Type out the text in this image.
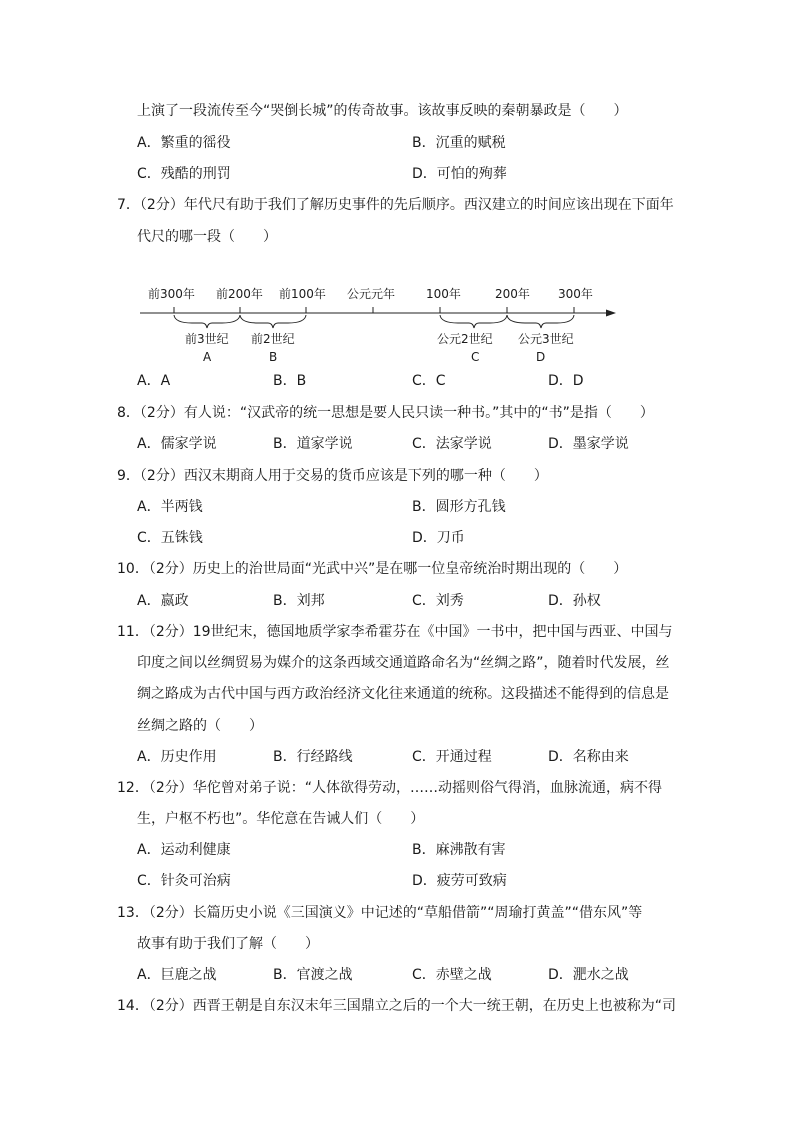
上演了一段流传至今“哭倒长城”的传奇故事。该故事反映的秦朝暴政是（　　）
A．繁重的徭役	B．沉重的赋税
C．残酷的刑罚	D．可怕的殉葬
7．（2分）年代尺有助于我们了解历史事件的先后顺序。西汉建立的时间应该出现在下面年
代尺的哪一段（　　）
前300年 前200年 前100年 公元元年	100年	200年 300年
前3世纪
A
前2世纪
B
公元2世纪
C
公元3世纪
D
A．A	B．B	C．C	D．D
8．（2分）有人说：“汉武帝的统一思想是要人民只读一种书。”其中的“书”是指（　　）
A．儒家学说	B．道家学说	C．法家学说	D．墨家学说
9．（2分）西汉末期商人用于交易的货币应该是下列的哪一种（　　）
A．半两钱	B．圆形方孔钱
C．五铢钱	D．刀币
10．（2分）历史上的治世局面“光武中兴”是在哪一位皇帝统治时期出现的（　　）
A．嬴政	B．刘邦	C．刘秀	D．孙权
11．（2分）19世纪末，德国地质学家李希霍芬在《中国》一书中，把中国与西亚、中国与
印度之间以丝绸贸易为媒介的这条西域交通道路命名为“丝绸之路”，随着时代发展，丝
绸之路成为古代中国与西方政治经济文化往来通道的统称。这段描述不能得到的信息是
丝绸之路的（　　）
A．历史作用	B．行经路线	C．开通过程	D．名称由来
12．（2分）华佗曾对弟子说：“人体欲得劳动，……动摇则俗气得消，血脉流通，病不得
生，户枢不朽也”。华佗意在告诫人们（　　）
A．运动利健康	B．麻沸散有害
C．针灸可治病	D．疲劳可致病
13．（2分）长篇历史小说《三国演义》中记述的“草船借箭”“周瑜打黄盖”“借东风”等
故事有助于我们了解（　　）
A．巨鹿之战	B．官渡之战	C．赤壁之战	D．淝水之战
14．（2分）西晋王朝是自东汉末年三国鼎立之后的一个大一统王朝，在历史上也被称为“司
